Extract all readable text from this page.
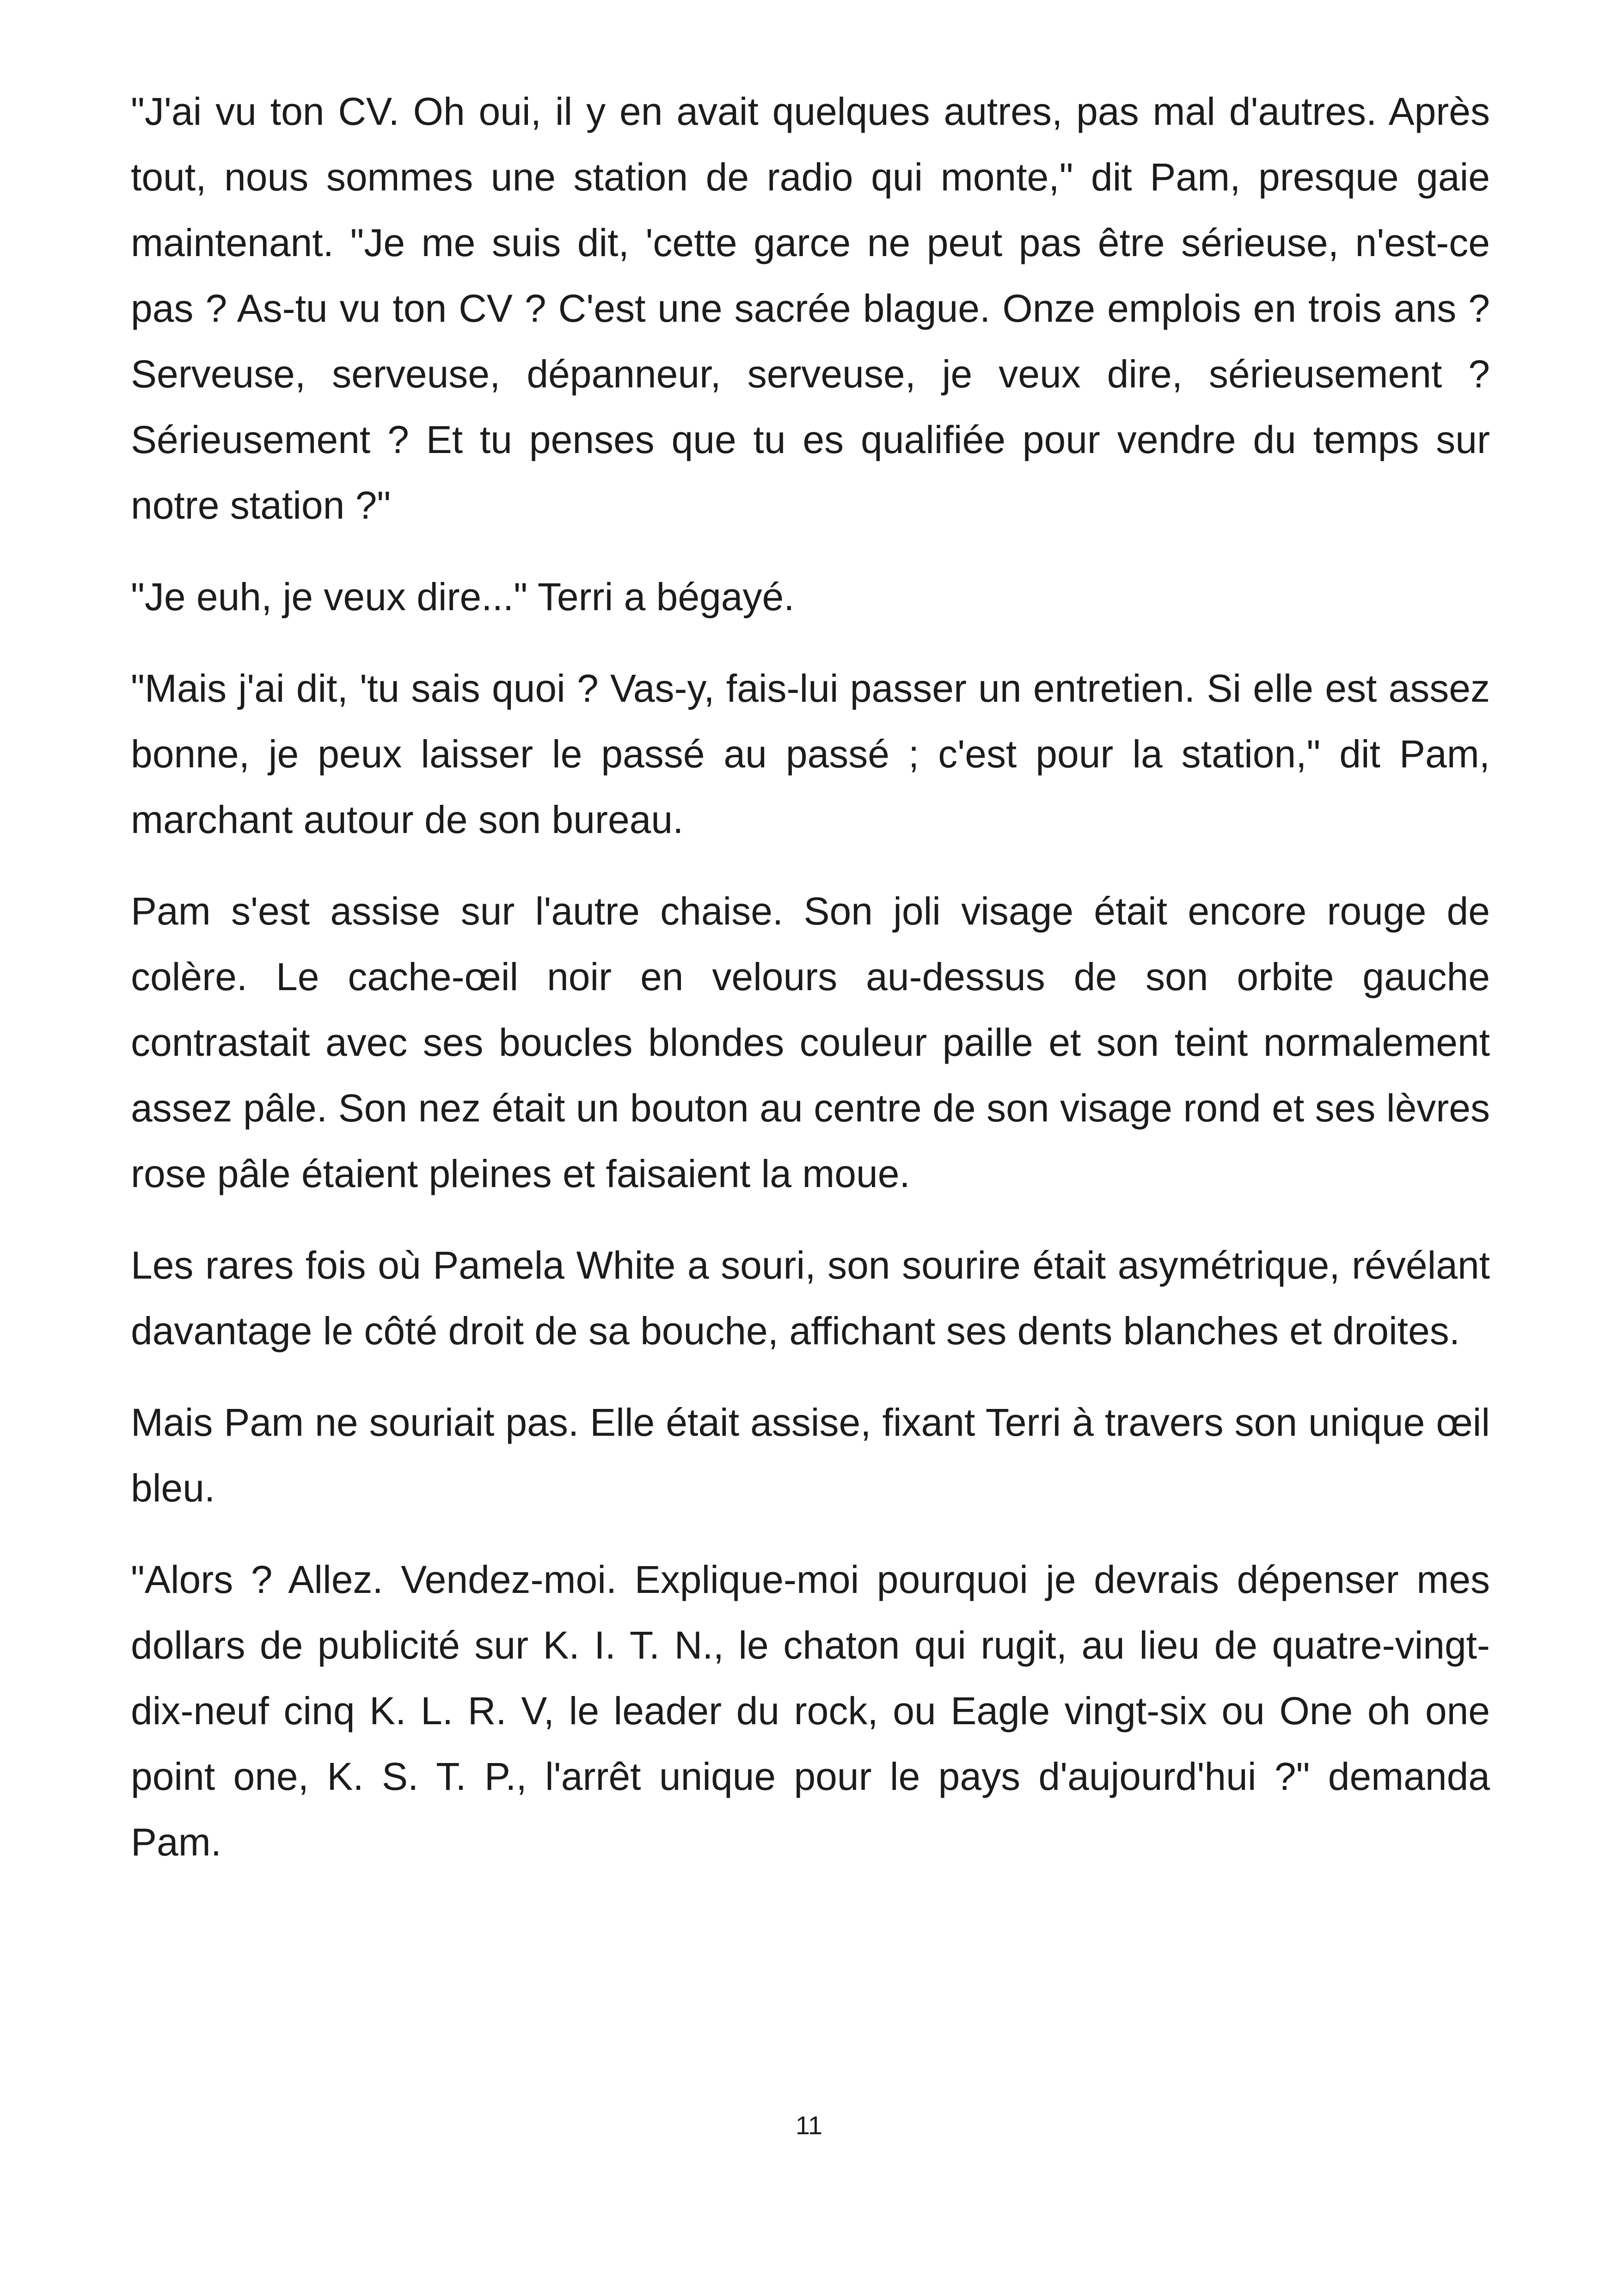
"J'ai vu ton CV. Oh oui, il y en avait quelques autres, pas mal d'autres. Après tout, nous sommes une station de radio qui monte," dit Pam, presque gaie maintenant. "Je me suis dit, 'cette garce ne peut pas être sérieuse, n'est-ce pas ? As-tu vu ton CV ? C'est une sacrée blague. Onze emplois en trois ans ? Serveuse, serveuse, dépanneur, serveuse, je veux dire, sérieusement ? Sérieusement ? Et tu penses que tu es qualifiée pour vendre du temps sur notre station ?"

"Je euh, je veux dire..." Terri a bégayé.

"Mais j'ai dit, 'tu sais quoi ? Vas-y, fais-lui passer un entretien. Si elle est assez bonne, je peux laisser le passé au passé ; c'est pour la station," dit Pam, marchant autour de son bureau.

Pam s'est assise sur l'autre chaise. Son joli visage était encore rouge de colère. Le cache-œil noir en velours au-dessus de son orbite gauche contrastait avec ses boucles blondes couleur paille et son teint normalement assez pâle. Son nez était un bouton au centre de son visage rond et ses lèvres rose pâle étaient pleines et faisaient la moue.

Les rares fois où Pamela White a souri, son sourire était asymétrique, révélant davantage le côté droit de sa bouche, affichant ses dents blanches et droites.

Mais Pam ne souriait pas. Elle était assise, fixant Terri à travers son unique œil bleu.

"Alors ? Allez. Vendez-moi. Explique-moi pourquoi je devrais dépenser mes dollars de publicité sur K. I. T. N., le chaton qui rugit, au lieu de quatre-vingt-dix-neuf cinq K. L. R. V, le leader du rock, ou Eagle vingt-six ou One oh one point one, K. S. T. P., l'arrêt unique pour le pays d'aujourd'hui ?" demanda Pam.

11
